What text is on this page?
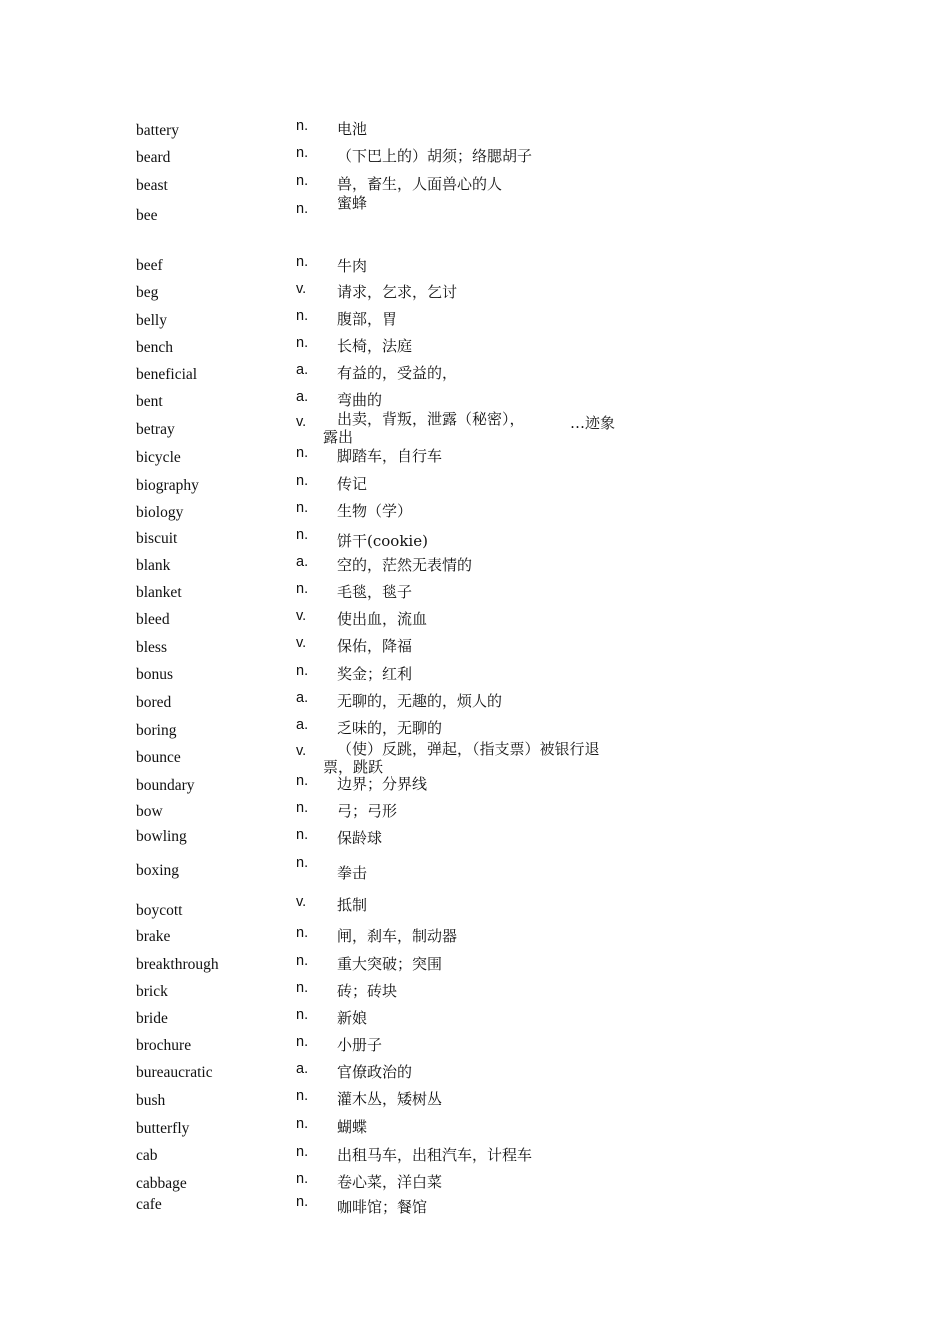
battery	n. 电池
beard	n. （下巴上的）胡须；络腮胡子
beast	n. 兽，畜生，人面兽心的人
bee	n. 蜜蜂
beef	n. 牛肉
beg	v. 请求，乞求，乞讨
belly	n. 腹部，胃
bench	n. 长椅，法庭
beneficial	a. 有益的，受益的，
bent	a. 弯曲的
betray	v. 出卖，背叛，泄露（秘密），	…迹象
露出
bicycle	n. 脚踏车，自行车
biography	n. 传记
biology	n. 生物（学）
biscuit	n. 饼干(cookie)
blank	a. 空的，茫然无表情的
blanket	n. 毛毯，毯子
bleed	v. 使出血，流血
bless	v. 保佑，降福
bonus	n. 奖金；红利
bored	a. 无聊的，无趣的，烦人的
boring	a. 乏味的，无聊的
bounce	v. （使）反跳，弹起，（指支票）被银行退
票，跳跃
boundary	n. 边界；分界线
bow	n. 弓；弓形
bowling	n. 保龄球
boxing	n.
拳击
boycott	v. 抵制
brake	n. 闸，刹车，制动器
breakthrough	n. 重大突破；突围
brick	n. 砖；砖块
bride	n. 新娘
brochure	n. 小册子
bureaucratic	a. 官僚政治的
bush	n. 灌木丛，矮树丛
butterfly	n. 蝴蝶
cab	n. 出租马车，出租汽车，计程车
cabbage	n. 卷心菜，洋白菜
cafe	n. 咖啡馆；餐馆
